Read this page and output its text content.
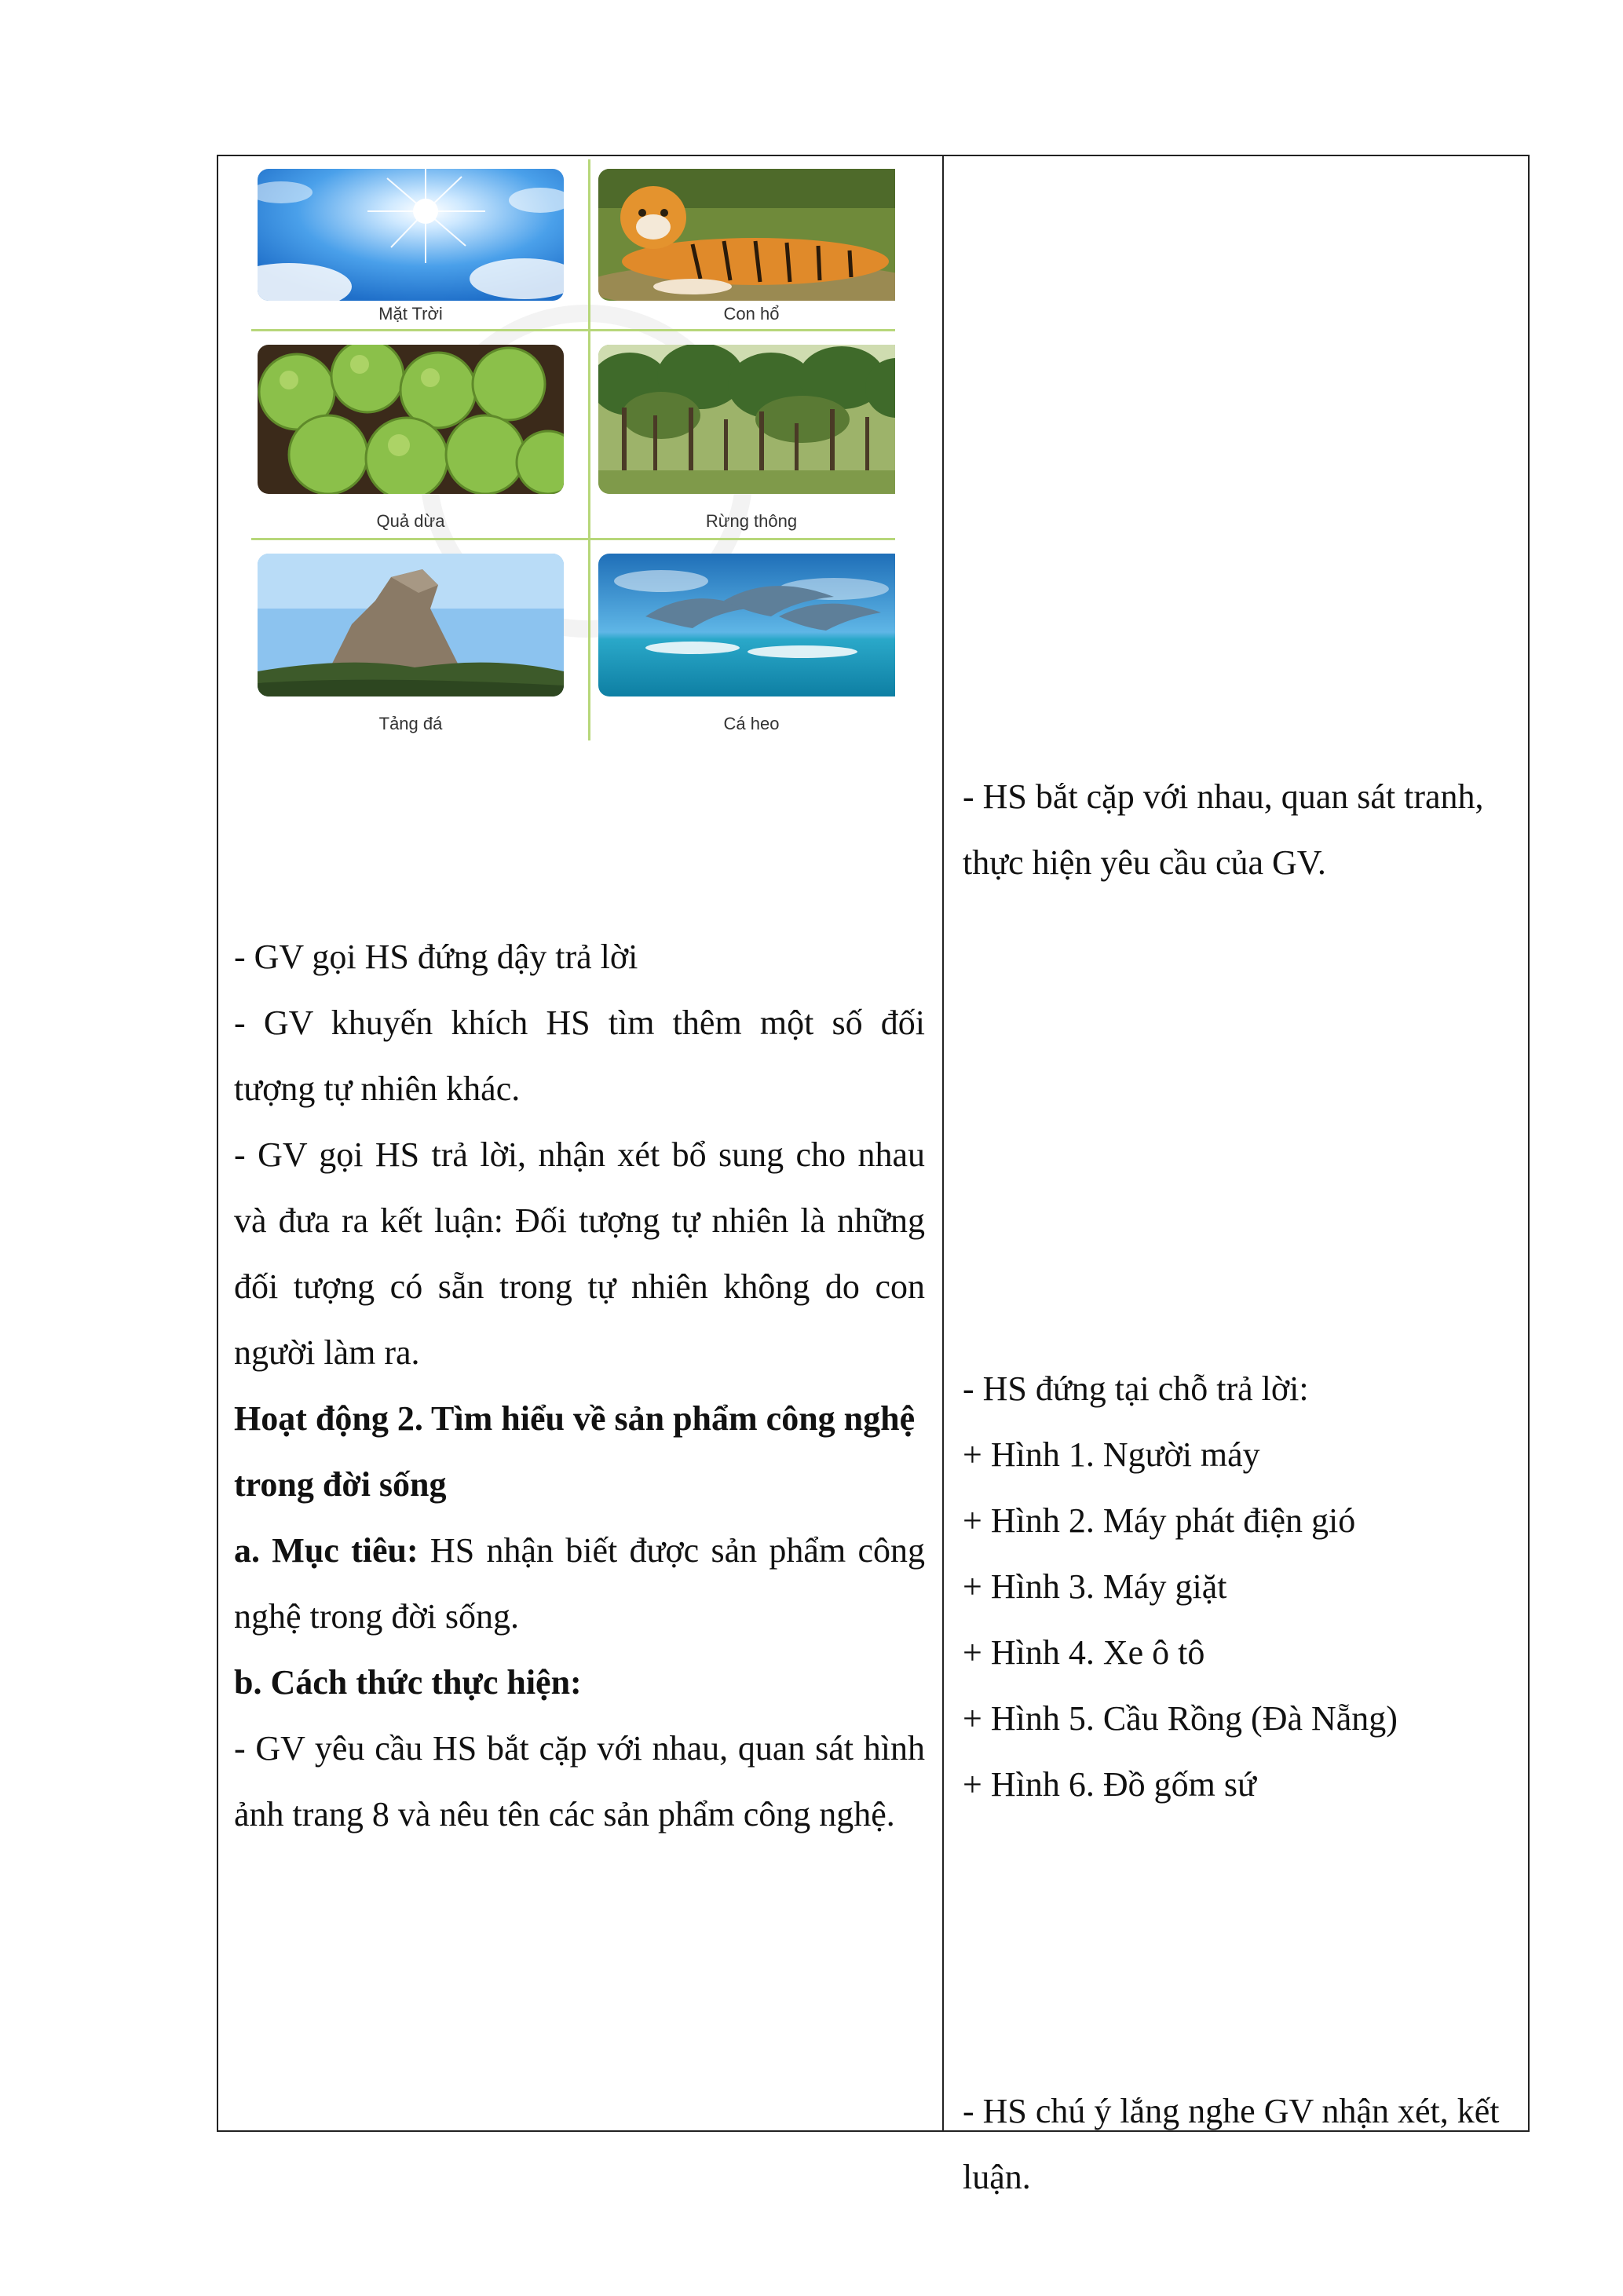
Mặt Trời	Con hổ
Quả dừa	Rừng thông
Tảng đá	Cá heo

- GV gọi HS đứng dậy trả lời

- GV khuyến khích HS tìm thêm một số đối tượng tự nhiên khác.

- GV gọi HS trả lời, nhận xét bổ sung cho nhau và đưa ra kết luận: Đối tượng tự nhiên là những đối tượng có sẵn trong tự nhiên không do con người làm ra.

Hoạt động 2. Tìm hiểu về sản phẩm công nghệ trong đời sống

a. Mục tiêu: HS nhận biết được sản phẩm công nghệ trong đời sống.

b. Cách thức thực hiện:

- GV yêu cầu HS bắt cặp với nhau, quan sát hình ảnh trang 8 và nêu tên các sản phẩm công nghệ.

- HS bắt cặp với nhau, quan sát tranh, thực hiện yêu cầu của GV.

- HS đứng tại chỗ trả lời:

+ Hình 1. Người máy

+ Hình 2. Máy phát điện gió

+ Hình 3. Máy giặt

+ Hình 4. Xe ô tô

+ Hình 5. Cầu Rồng (Đà Nẵng)

+ Hình 6. Đồ gốm sứ

- HS chú ý lắng nghe GV nhận xét, kết luận.
